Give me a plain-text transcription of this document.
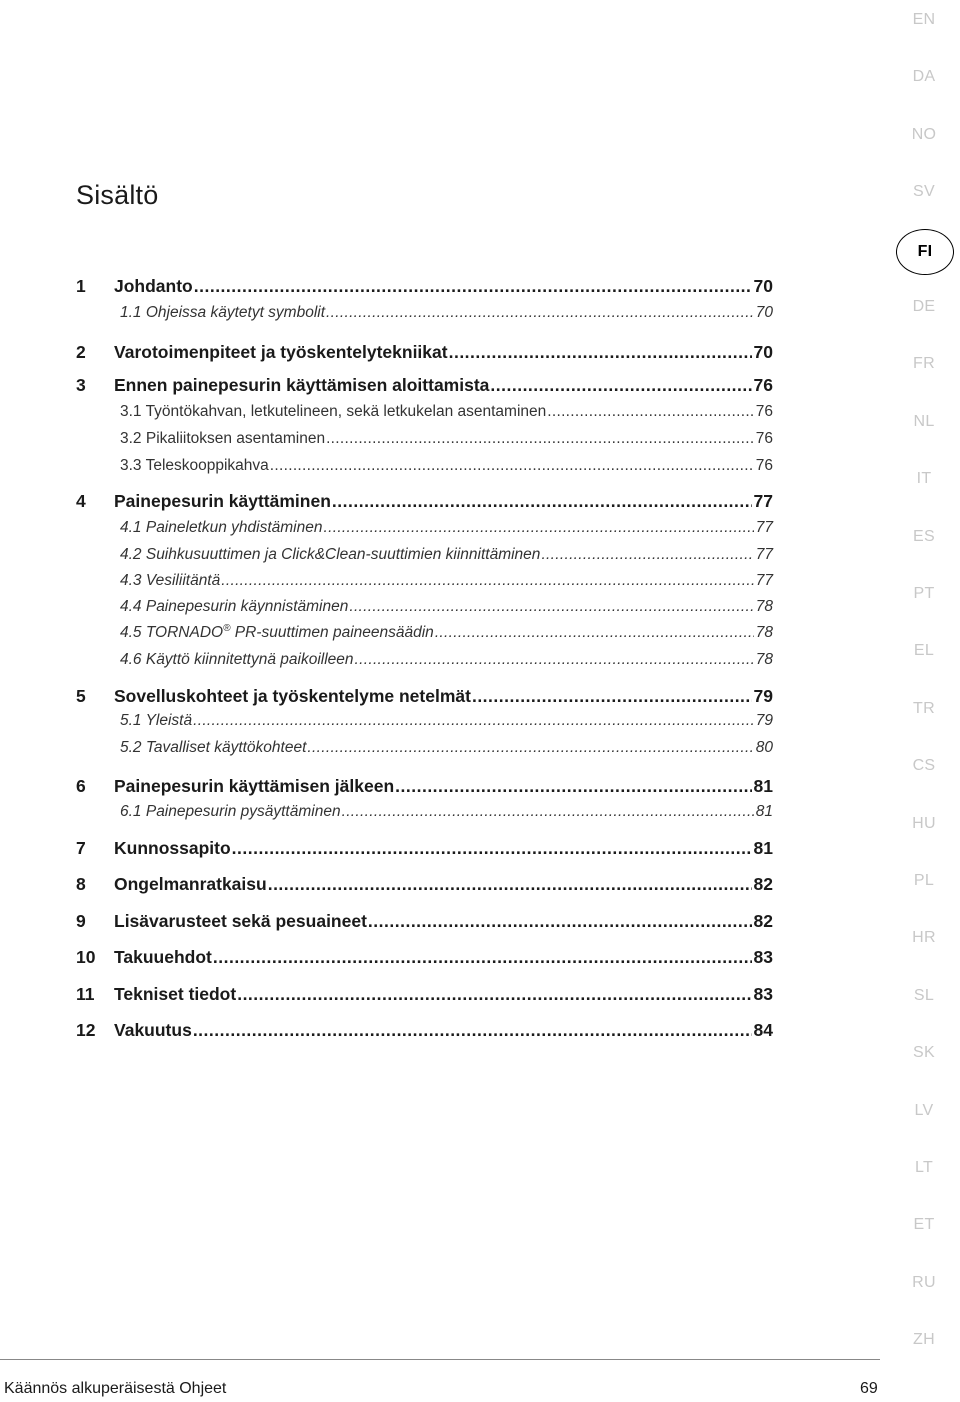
Sisältö
1	Johdanto .....	70
1.1 Ohjeissa käytetyt symbolit .....	70
2	Varotoimenpiteet ja työskentelytekniikat .....	70
3	Ennen painepesurin käyttämisen aloittamista .....	76
3.1 Työntökahvan, letkutelineen, sekä letkukelan asentaminen .....	76
3.2 Pikaliitoksen asentaminen .....	76
3.3 Teleskooppikahva .....	76
4	Painepesurin käyttäminen .....	77
4.1 Paineletkun yhdistäminen .....	77
4.2 Suihkusuuttimen ja Click&Clean-suuttimien kiinnittäminen .....	77
4.3 Vesiliitäntä .....	77
4.4 Painepesurin käynnistäminen .....	78
4.5 TORNADO® PR-suuttimen paineensäädin .....	78
4.6 Käyttö kiinnitettynä paikoilleen .....	78
5	Sovelluskohteet ja työskentelyme netelmät .....	79
5.1 Yleistä .....	79
5.2 Tavalliset käyttökohteet .....	80
6	Painepesurin käyttämisen jälkeen .....	81
6.1 Painepesurin pysäyttäminen .....	81
7	Kunnossapito .....	81
8	Ongelmanratkaisu .....	82
9	Lisävarusteet sekä pesuaineet .....	82
10	Takuuehdot .....	83
11	Tekniset tiedot .....	83
12	Vakuutus .....	84
EN
DA
NO
SV
FI
DE
FR
NL
IT
ES
PT
EL
TR
CS
HU
PL
HR
SL
SK
LV
LT
ET
RU
ZH
Käännös alkuperäisestä Ohjeet	69
